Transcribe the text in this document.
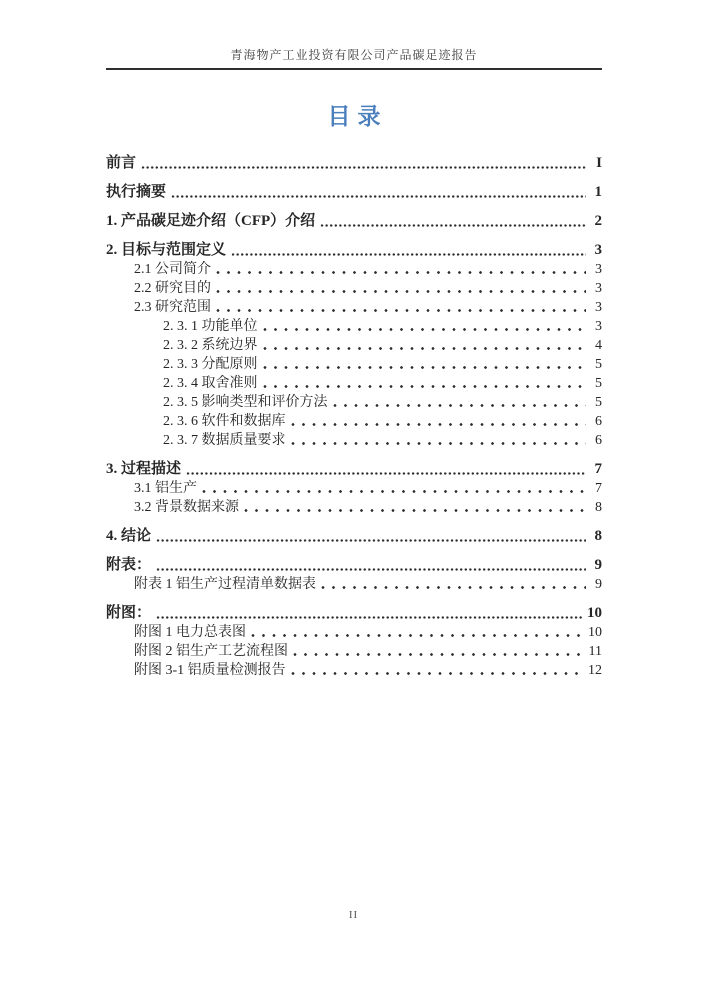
青海物产工业投资有限公司产品碳足迹报告
目录
前言	I
执行摘要	1
1. 产品碳足迹介绍（CFP）介绍	2
2. 目标与范围定义	3
2.1 公司简介	3
2.2 研究目的	3
2.3 研究范围	3
2. 3. 1 功能单位	3
2. 3. 2 系统边界	4
2. 3. 3 分配原则	5
2. 3. 4 取舍准则	5
2. 3. 5 影响类型和评价方法	5
2. 3. 6 软件和数据库	6
2. 3. 7 数据质量要求	6
3. 过程描述	7
3.1 铝生产	7
3.2 背景数据来源	8
4. 结论	8
附表：	9
附表 1 铝生产过程清单数据表	9
附图：	10
附图 1 电力总表图	10
附图 2 铝生产工艺流程图	11
附图 3-1 铝质量检测报告	12
II
